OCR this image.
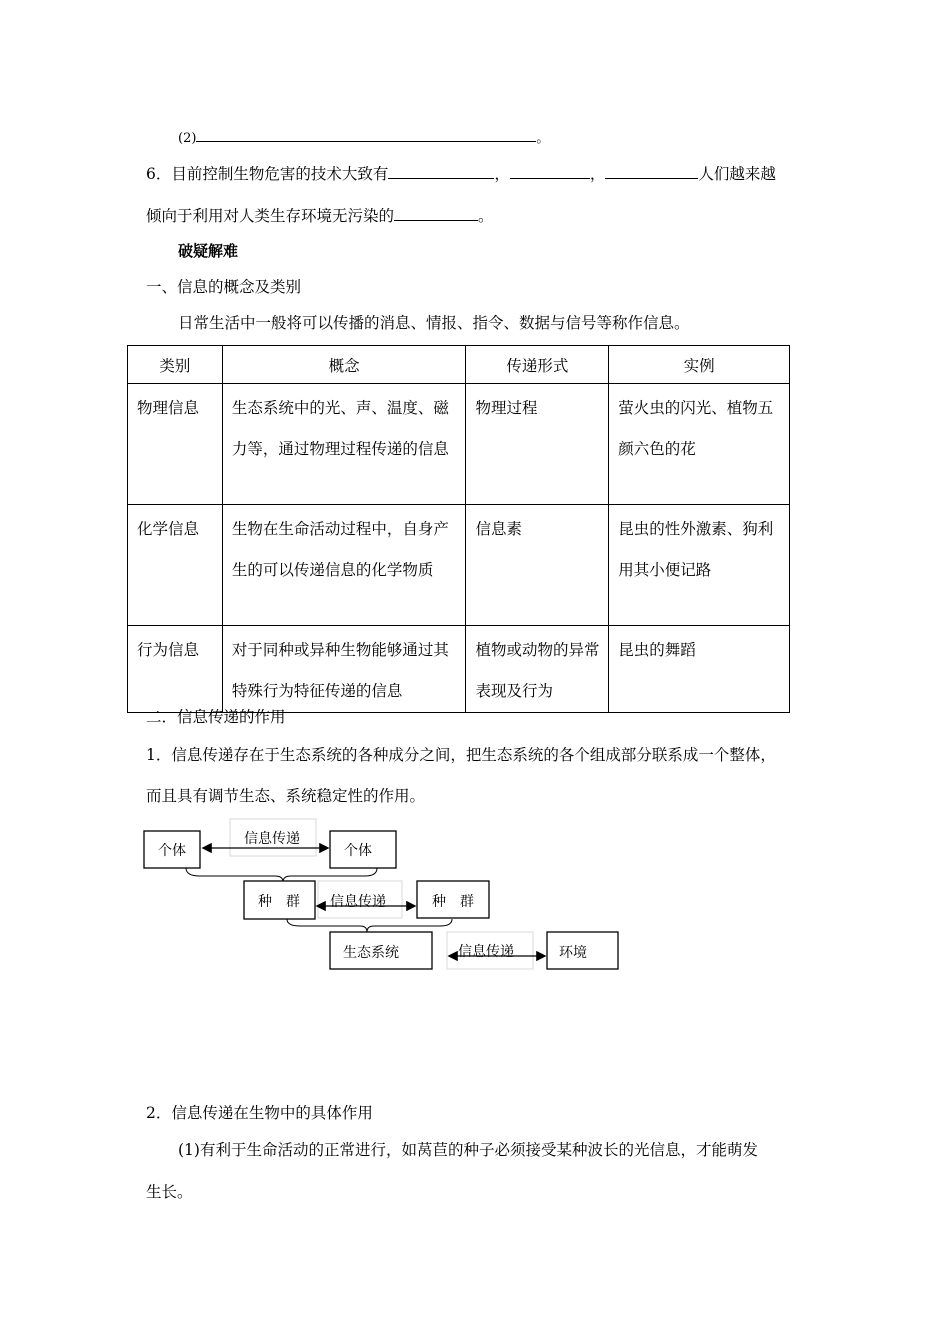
(2)	。
6．目前控制生物危害的技术大致有	，	，	人们越来越
倾向于利用对人类生存环境无污染的	。
破疑解难
一、信息的概念及类别
日常生活中一般将可以传播的消息、情报、指令、数据与信号等称作信息。
类别	概念	传递形式	实例

物理信息	生态系统中的光、声、温度、磁力等，通过物理过程传递的信息	物理过程	萤火虫的闪光、植物五颜六色的花

化学信息	生物在生命活动过程中，自身产生的可以传递信息的化学物质	信息素	昆虫的性外激素、狗利用其小便记路

行为信息	对于同种或异种生物能够通过其特殊行为特征传递的信息	植物或动物的异常表现及行为	昆虫的舞蹈
二．信息传递的作用
1．信息传递存在于生态系统的各种成分之间，把生态系统的各个组成部分联系成一个整体，
而且具有调节生态、系统稳定性的作用。
个体
信息传递
个体
种　群 信息传递	种　群
生态系统	信息传递	环境
2．信息传递在生物中的具体作用
(1)有利于生命活动的正常进行，如莴苣的种子必须接受某种波长的光信息，才能萌发
生长。
